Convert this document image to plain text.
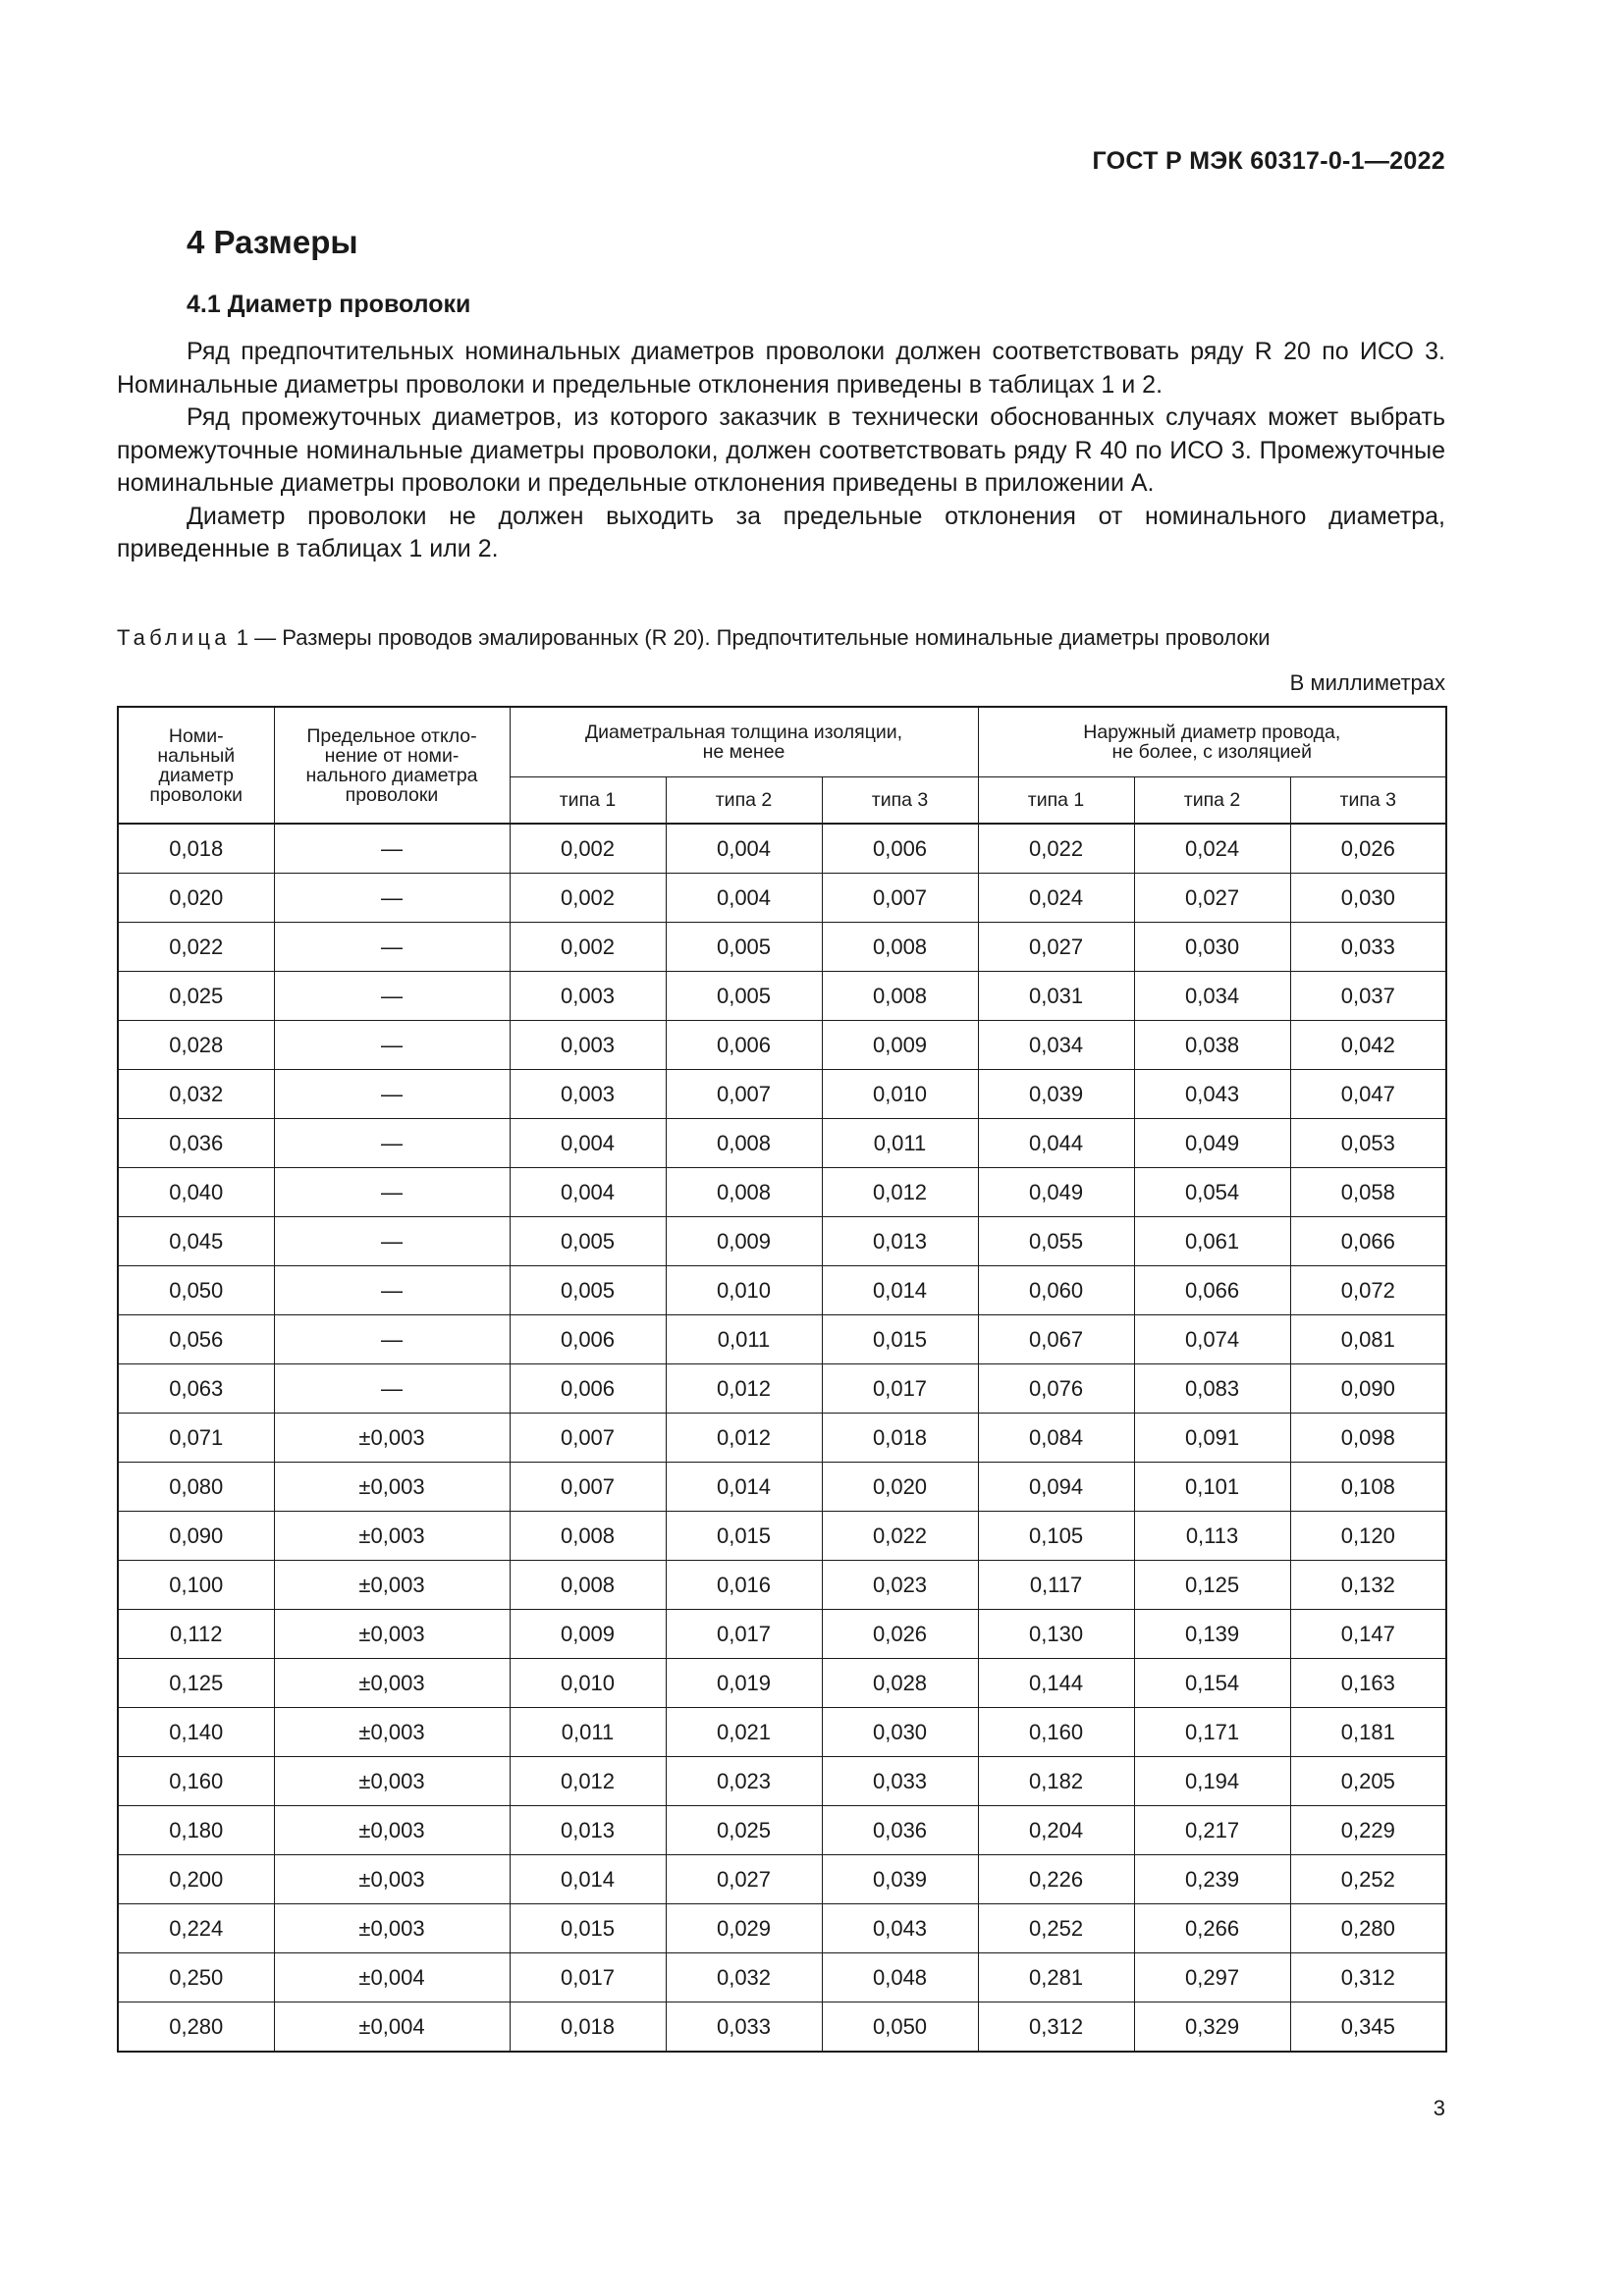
ГОСТ Р МЭК 60317-0-1—2022
4 Размеры
4.1 Диаметр проволоки

Ряд предпочтительных номинальных диаметров проволоки должен соответствовать ряду R 20 по ИСО 3. Номинальные диаметры проволоки и предельные отклонения приведены в таблицах 1 и 2.

Ряд промежуточных диаметров, из которого заказчик в технически обоснованных случаях может выбрать промежуточные номинальные диаметры проволоки, должен соответствовать ряду R 40 по ИСО 3. Промежуточные номинальные диаметры проволоки и предельные отклонения приведены в приложении А.

Диаметр проволоки не должен выходить за предельные отклонения от номинального диаметра, приведенные в таблицах 1 или 2.

Таблица 1 — Размеры проводов эмалированных (R 20). Предпочтительные номинальные диаметры проволоки
В миллиметрах
Номи-
нальный
диаметр
проволоки	Предельное откло-
нение от номи-
нального диаметра
проволоки	Диаметральная толщина изоляции,
не менее			Наружный диаметр провода,
не более, с изоляцией		
		типа 1	типа 2	типа 3	типа 1	типа 2	типа 3
0,018	—	0,002	0,004	0,006	0,022	0,024	0,026
0,020	—	0,002	0,004	0,007	0,024	0,027	0,030
0,022	—	0,002	0,005	0,008	0,027	0,030	0,033
0,025	—	0,003	0,005	0,008	0,031	0,034	0,037
0,028	—	0,003	0,006	0,009	0,034	0,038	0,042
0,032	—	0,003	0,007	0,010	0,039	0,043	0,047
0,036	—	0,004	0,008	0,011	0,044	0,049	0,053
0,040	—	0,004	0,008	0,012	0,049	0,054	0,058
0,045	—	0,005	0,009	0,013	0,055	0,061	0,066
0,050	—	0,005	0,010	0,014	0,060	0,066	0,072
0,056	—	0,006	0,011	0,015	0,067	0,074	0,081
0,063	—	0,006	0,012	0,017	0,076	0,083	0,090
0,071	±0,003	0,007	0,012	0,018	0,084	0,091	0,098
0,080	±0,003	0,007	0,014	0,020	0,094	0,101	0,108
0,090	±0,003	0,008	0,015	0,022	0,105	0,113	0,120
0,100	±0,003	0,008	0,016	0,023	0,117	0,125	0,132
0,112	±0,003	0,009	0,017	0,026	0,130	0,139	0,147
0,125	±0,003	0,010	0,019	0,028	0,144	0,154	0,163
0,140	±0,003	0,011	0,021	0,030	0,160	0,171	0,181
0,160	±0,003	0,012	0,023	0,033	0,182	0,194	0,205
0,180	±0,003	0,013	0,025	0,036	0,204	0,217	0,229
0,200	±0,003	0,014	0,027	0,039	0,226	0,239	0,252
0,224	±0,003	0,015	0,029	0,043	0,252	0,266	0,280
0,250	±0,004	0,017	0,032	0,048	0,281	0,297	0,312
0,280	±0,004	0,018	0,033	0,050	0,312	0,329	0,345
3
